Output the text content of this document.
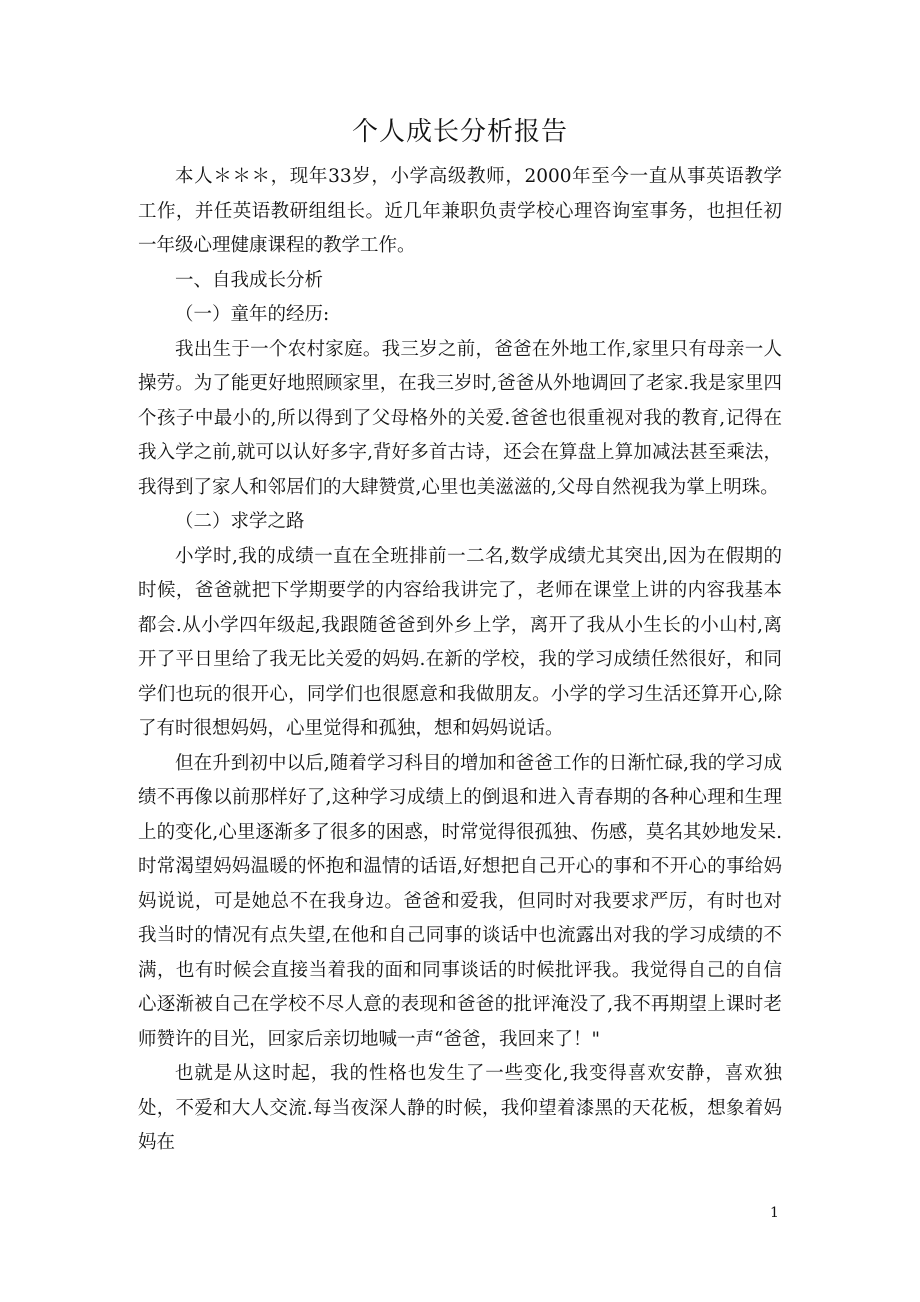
个人成长分析报告

本人＊＊＊，现年33岁，小学高级教师，2000年至今一直从事英语教学工作，并任英语教研组组长。近几年兼职负责学校心理咨询室事务，也担任初一年级心理健康课程的教学工作。

一、自我成长分析

（一）童年的经历:

我出生于一个农村家庭。我三岁之前，爸爸在外地工作,家里只有母亲一人操劳。为了能更好地照顾家里，在我三岁时,爸爸从外地调回了老家.我是家里四个孩子中最小的,所以得到了父母格外的关爱.爸爸也很重视对我的教育,记得在我入学之前,就可以认好多字,背好多首古诗，还会在算盘上算加减法甚至乘法，我得到了家人和邻居们的大肆赞赏,心里也美滋滋的,父母自然视我为掌上明珠。

（二）求学之路

小学时,我的成绩一直在全班排前一二名,数学成绩尤其突出,因为在假期的时候，爸爸就把下学期要学的内容给我讲完了，老师在课堂上讲的内容我基本都会.从小学四年级起,我跟随爸爸到外乡上学，离开了我从小生长的小山村,离开了平日里给了我无比关爱的妈妈.在新的学校，我的学习成绩任然很好，和同学们也玩的很开心，同学们也很愿意和我做朋友。小学的学习生活还算开心,除了有时很想妈妈，心里觉得和孤独，想和妈妈说话。

但在升到初中以后,随着学习科目的增加和爸爸工作的日渐忙碌,我的学习成绩不再像以前那样好了,这种学习成绩上的倒退和进入青春期的各种心理和生理上的变化,心里逐渐多了很多的困惑，时常觉得很孤独、伤感，莫名其妙地发呆.时常渴望妈妈温暖的怀抱和温情的话语,好想把自己开心的事和不开心的事给妈妈说说，可是她总不在我身边。爸爸和爱我，但同时对我要求严厉，有时也对我当时的情况有点失望,在他和自己同事的谈话中也流露出对我的学习成绩的不满，也有时候会直接当着我的面和同事谈话的时候批评我。我觉得自己的自信心逐渐被自己在学校不尽人意的表现和爸爸的批评淹没了,我不再期望上课时老师赞许的目光，回家后亲切地喊一声“爸爸，我回来了！"

也就是从这时起，我的性格也发生了一些变化,我变得喜欢安静，喜欢独处，不爱和大人交流.每当夜深人静的时候，我仰望着漆黑的天花板，想象着妈妈在

1
